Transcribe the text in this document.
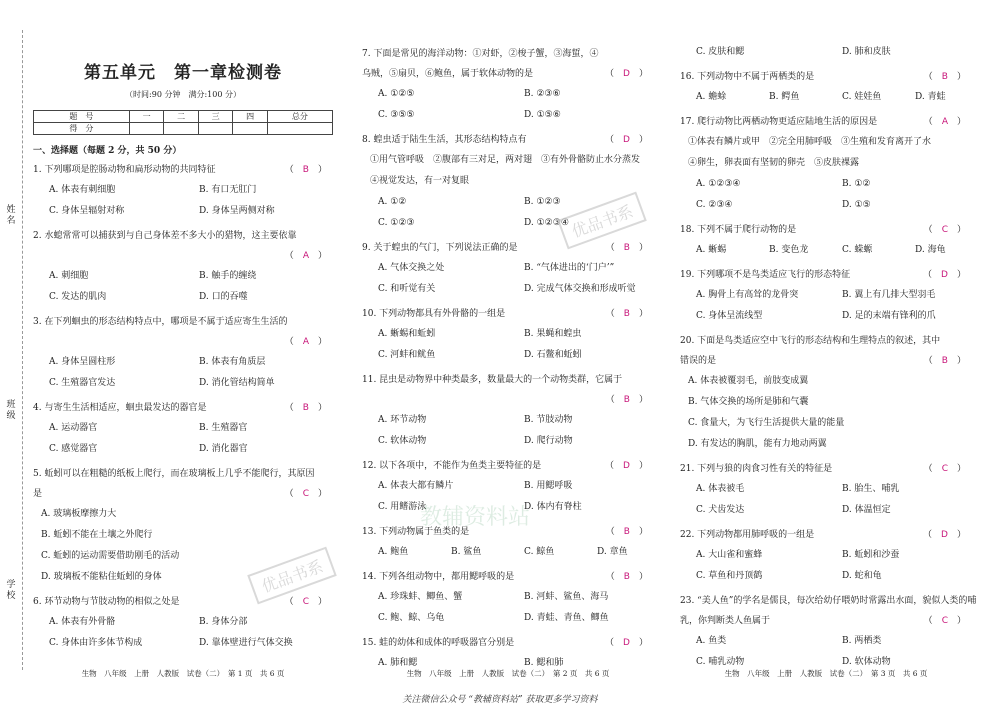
姓名
班级
学校
第五单元　第一章检测卷
（时间:90 分钟　满分:100 分）
题　号	一	二	三	四	总分
得　分					
一、选择题（每题 2 分，共 50 分）
1. 下列哪项是腔肠动物和扁形动物的共同特征	（　B　）
A. 体表有刺细胞	B. 有口无肛门
C. 身体呈辐射对称	D. 身体呈两侧对称
2. 水螅常常可以捕获到与自己身体差不多大小的猎物，这主要依靠
（　A　）
A. 刺细胞	B. 触手的缠绕
C. 发达的肌肉	D. 口的吞噬
3. 在下列蛔虫的形态结构特点中，哪项是不属于适应寄生生活的
（　A　）
A. 身体呈圆柱形	B. 体表有角质层
C. 生殖器官发达	D. 消化管结构简单
4. 与寄生生活相适应，蛔虫最发达的器官是	（　B　）
A. 运动器官	B. 生殖器官
C. 感觉器官	D. 消化器官
5. 蚯蚓可以在粗糙的纸板上爬行，而在玻璃板上几乎不能爬行，其原因
是	（　C　）
A. 玻璃板摩擦力大
B. 蚯蚓不能在土壤之外爬行
C. 蚯蚓的运动需要借助刚毛的活动
D. 玻璃板不能粘住蚯蚓的身体
6. 环节动物与节肢动物的相似之处是	（　C　）
A. 体表有外骨骼	B. 身体分部
C. 身体由许多体节构成	D. 靠体壁进行气体交换
7. 下面是常见的海洋动物：①对虾，②梭子蟹，③海蜇，④
乌贼，⑤扇贝，⑥鲍鱼，属于软体动物的是	（　D　）
A. ①②⑤	B. ②③⑥
C. ③⑤⑤	D. ①⑤⑥
8. 蝗虫适于陆生生活，其形态结构特点有	（　D　）
①用气管呼吸　②腹部有三对足，两对翅　③有外骨骼防止水分蒸发
④视觉发达，有一对复眼
A. ①②	B. ①②③
C. ①②③	D. ①②③④
9. 关于蝗虫的气门，下列说法正确的是	（　B　）
A. 气体交换之处	B. “气体进出的‘门户’”
C. 和听觉有关	D. 完成气体交换和形成听觉
10. 下列动物都具有外骨骼的一组是	（　B　）
A. 蜥蜴和蚯蚓	B. 果蝇和蝗虫
C. 河蚌和鱿鱼	D. 石鳖和蚯蚓
11. 昆虫是动物界中种类最多，数量最大的一个动物类群，它属于
（　B　）
A. 环节动物	B. 节肢动物
C. 软体动物	D. 爬行动物
12. 以下各项中，不能作为鱼类主要特征的是	（　D　）
A. 体表大都有鳞片	B. 用鳃呼吸
C. 用鳍游泳	D. 体内有脊柱
13. 下列动物属于鱼类的是	（　B　）
A. 鲍鱼	B. 鲨鱼	C. 鲸鱼	D. 章鱼
14. 下列各组动物中，都用鳃呼吸的是	（　B　）
A. 珍珠蚌、鲫鱼、蟹	B. 河蚌、鲨鱼、海马
C. 鲍、鲸、乌龟	D. 青蛙、青鱼、鲫鱼
15. 蛙的幼体和成体的呼吸器官分别是	（　D　）
A. 肺和鳃	B. 鳃和肺
C. 皮肤和鳃	D. 肺和皮肤
16. 下列动物中不属于两栖类的是	（　B　）
A. 蟾蜍	B. 鳄鱼	C. 娃娃鱼	D. 青蛙
17. 爬行动物比两栖动物更适应陆地生活的原因是	（　A　）
①体表有鳞片或甲　②完全用肺呼吸　③生殖和发育离开了水
④卵生，卵表面有坚韧的卵壳　⑤皮肤裸露
A. ①②③④	B. ①②
C. ②③④	D. ①⑤
18. 下列不属于爬行动物的是	（　C　）
A. 蜥蜴	B. 变色龙	C. 蝾螈	D. 海龟
19. 下列哪项不是鸟类适应飞行的形态特征	（　D　）
A. 胸骨上有高耸的龙骨突	B. 翼上有几排大型羽毛
C. 身体呈流线型	D. 足的末端有锋利的爪
20. 下面是鸟类适应空中飞行的形态结构和生理特点的叙述，其中
错误的是	（　B　）
A. 体表被覆羽毛，前肢变成翼
B. 气体交换的场所是肺和气囊
C. 食量大，为飞行生活提供大量的能量
D. 有发达的胸肌，能有力地动两翼
21. 下列与狼的肉食习性有关的特征是	（　C　）
A. 体表被毛	B. 胎生、哺乳
C. 犬齿发达	D. 体温恒定
22. 下列动物都用肺呼吸的一组是	（　D　）
A. 大山雀和蜜蜂	B. 蚯蚓和沙蚕
C. 草鱼和丹顶鹤	D. 蛇和龟
23. “美人鱼”的学名是儒艮，每次给幼仔喂奶时常露出水面，貌似人类的哺
乳，你判断类人鱼属于	（　C　）
A. 鱼类	B. 两栖类
C. 哺乳动物	D. 软体动物
生物　八年级　上册　人教版　试卷（二）　第 1 页　共 6 页	生物　八年级　上册　人教版　试卷（二）　第 2 页　共 6 页	生物　八年级　上册　人教版　试卷（二）　第 3 页　共 6 页
关注微信公众号 “教辅资料站” 获取更多学习资料
优品书系
优品书系
教辅资料站
